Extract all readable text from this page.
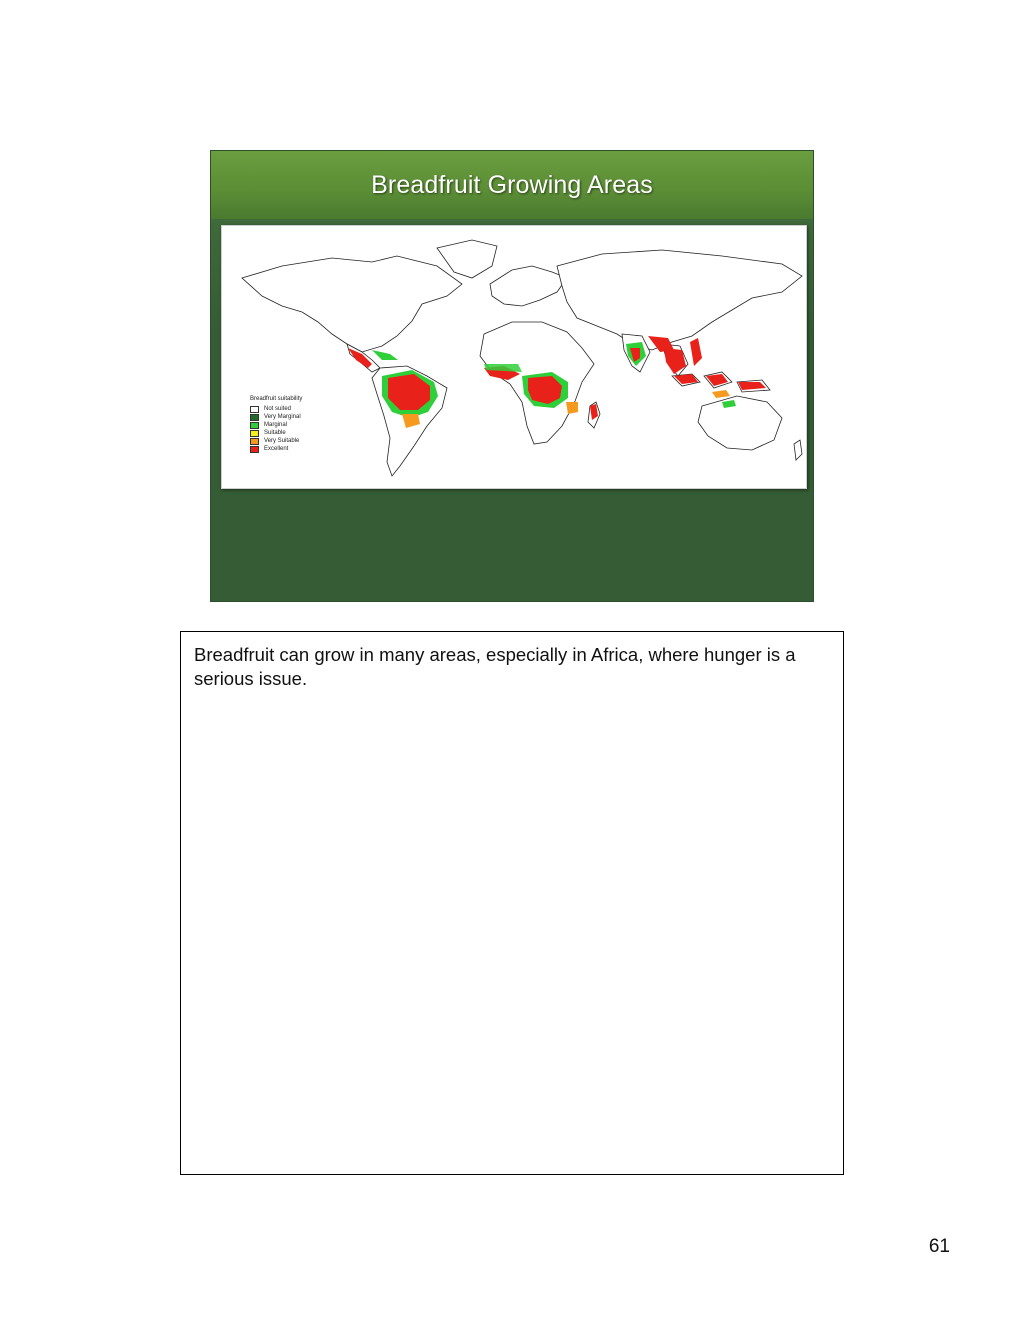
Breadfruit Growing Areas
Breadfruit suitability
Not suited
Very Marginal
Marginal
Suitable
Very Suitable
Excellent
Breadfruit can grow in many areas, especially in Africa, where hunger is a serious issue.
61
